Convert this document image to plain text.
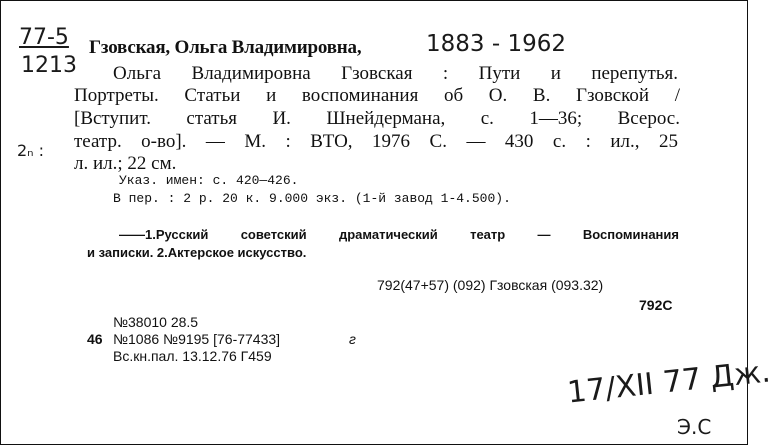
77-5
1213
Гзовская, Ольга Владимировна,	1883 - 1962
Ольга Владимировна Гзовская : Пути и перепутья.
Портреты. Статьи и воспоминания об О. В. Гзовской /
[Вступит. статья И. Шнейдермана, с. 1—36; Всерос.
театр. о-во]. — М. : ВТО, 1976 С. — 430 с. : ил., 25
л. ил.; 22 см.
2ₙ :
Указ. имен: с. 420—426.
В пер. : 2 р. 20 к. 9.000 экз. (1-й завод 1-4.500).
——1.Русский советский драматический театр — Воспоминания
и записки. 2.Актерское искусство.
792(47+57) (092) Гзовская (093.32)
792С
№38010 28.5
46 №1086 №9195 [76-77433]	г
Вс.кн.пал. 13.12.76 Г459	17/XII 77 Дж.
Э.С
